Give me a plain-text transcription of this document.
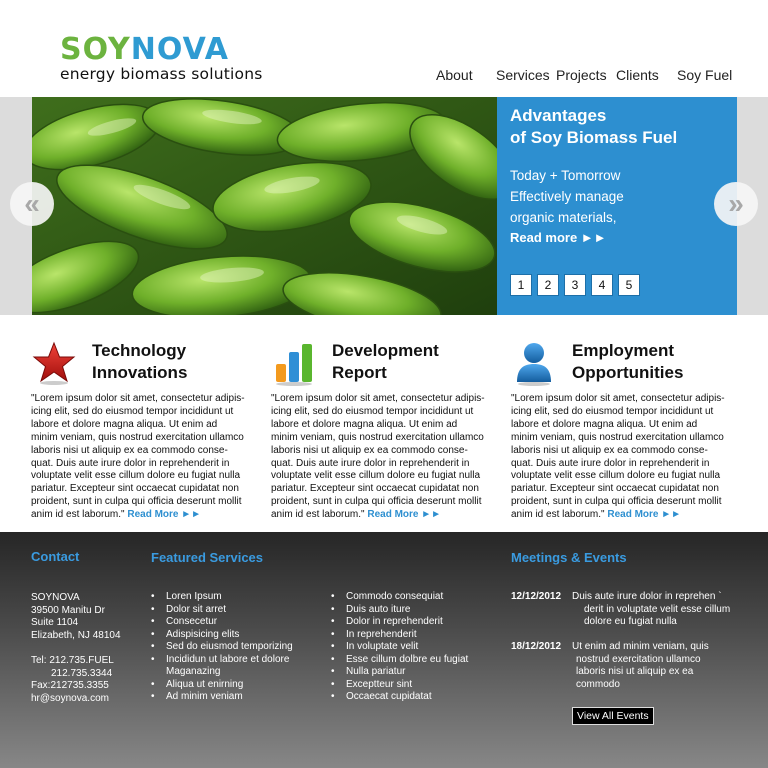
SOYNOVA
energy biomass solutions	About Services Projects Clients Soy Fuel
Advantages
of Soy Biomass Fuel
Today + Tomorrow
Effectively manage
organic materials,
Read more ►►
1	2	3	4	5
«	»
Technology
Innovations
"Lorem ipsum dolor sit amet, consectetur adipis-
icing elit, sed do eiusmod tempor incididunt ut
labore et dolore magna aliqua. Ut enim ad
minim veniam, quis nostrud exercitation ullamco
laboris nisi ut aliquip ex ea commodo conse-
quat. Duis aute irure dolor in reprehenderit in
voluptate velit esse cillum dolore eu fugiat nulla
pariatur. Excepteur sint occaecat cupidatat non
proident, sunt in culpa qui officia deserunt mollit
anim id est laborum." Read More ►►
Development
Report
"Lorem ipsum dolor sit amet, consectetur adipis-
icing elit, sed do eiusmod tempor incididunt ut
labore et dolore magna aliqua. Ut enim ad
minim veniam, quis nostrud exercitation ullamco
laboris nisi ut aliquip ex ea commodo conse-
quat. Duis aute irure dolor in reprehenderit in
voluptate velit esse cillum dolore eu fugiat nulla
pariatur. Excepteur sint occaecat cupidatat non
proident, sunt in culpa qui officia deserunt mollit
anim id est laborum." Read More ►►
Employment
Opportunities
"Lorem ipsum dolor sit amet, consectetur adipis-
icing elit, sed do eiusmod tempor incididunt ut
labore et dolore magna aliqua. Ut enim ad
minim veniam, quis nostrud exercitation ullamco
laboris nisi ut aliquip ex ea commodo conse-
quat. Duis aute irure dolor in reprehenderit in
voluptate velit esse cillum dolore eu fugiat nulla
pariatur. Excepteur sint occaecat cupidatat non
proident, sunt in culpa qui officia deserunt mollit
anim id est laborum." Read More ►►
Contact
SOYNOVA
39500 Manitu Dr
Suite 1104
Elizabeth, NJ 48104
Tel: 212.735.FUEL
212.735.3344
Fax:212735.3355
hr@soynova.com
Featured Services
• Loren Ipsum
• Dolor sit arret
• Consecetur
• Adispisicing elits
• Sed do eiusmod temporizing
• Incididun ut labore et dolore
Maganazing
• Aliqua ut enirning
• Ad minim veniam
• Commodo consequiat
• Duis auto iture
• Dolor in reprehenderit
• In reprehenderit
• In voluptate velit
• Esse cillum dolbre eu fugiat
• Nulla pariatur
• Exceptteur sint
• Occaecat cupidatat
Meetings & Events
12/12/2012 Duis aute irure dolor in reprehen `
derit in voluptate velit esse cillum
dolore eu fugiat nulla
18/12/2012 Ut enim ad minim veniam, quis
nostrud exercitation ullamco
laboris nisi ut aliquip ex ea
commodo
View All Events
